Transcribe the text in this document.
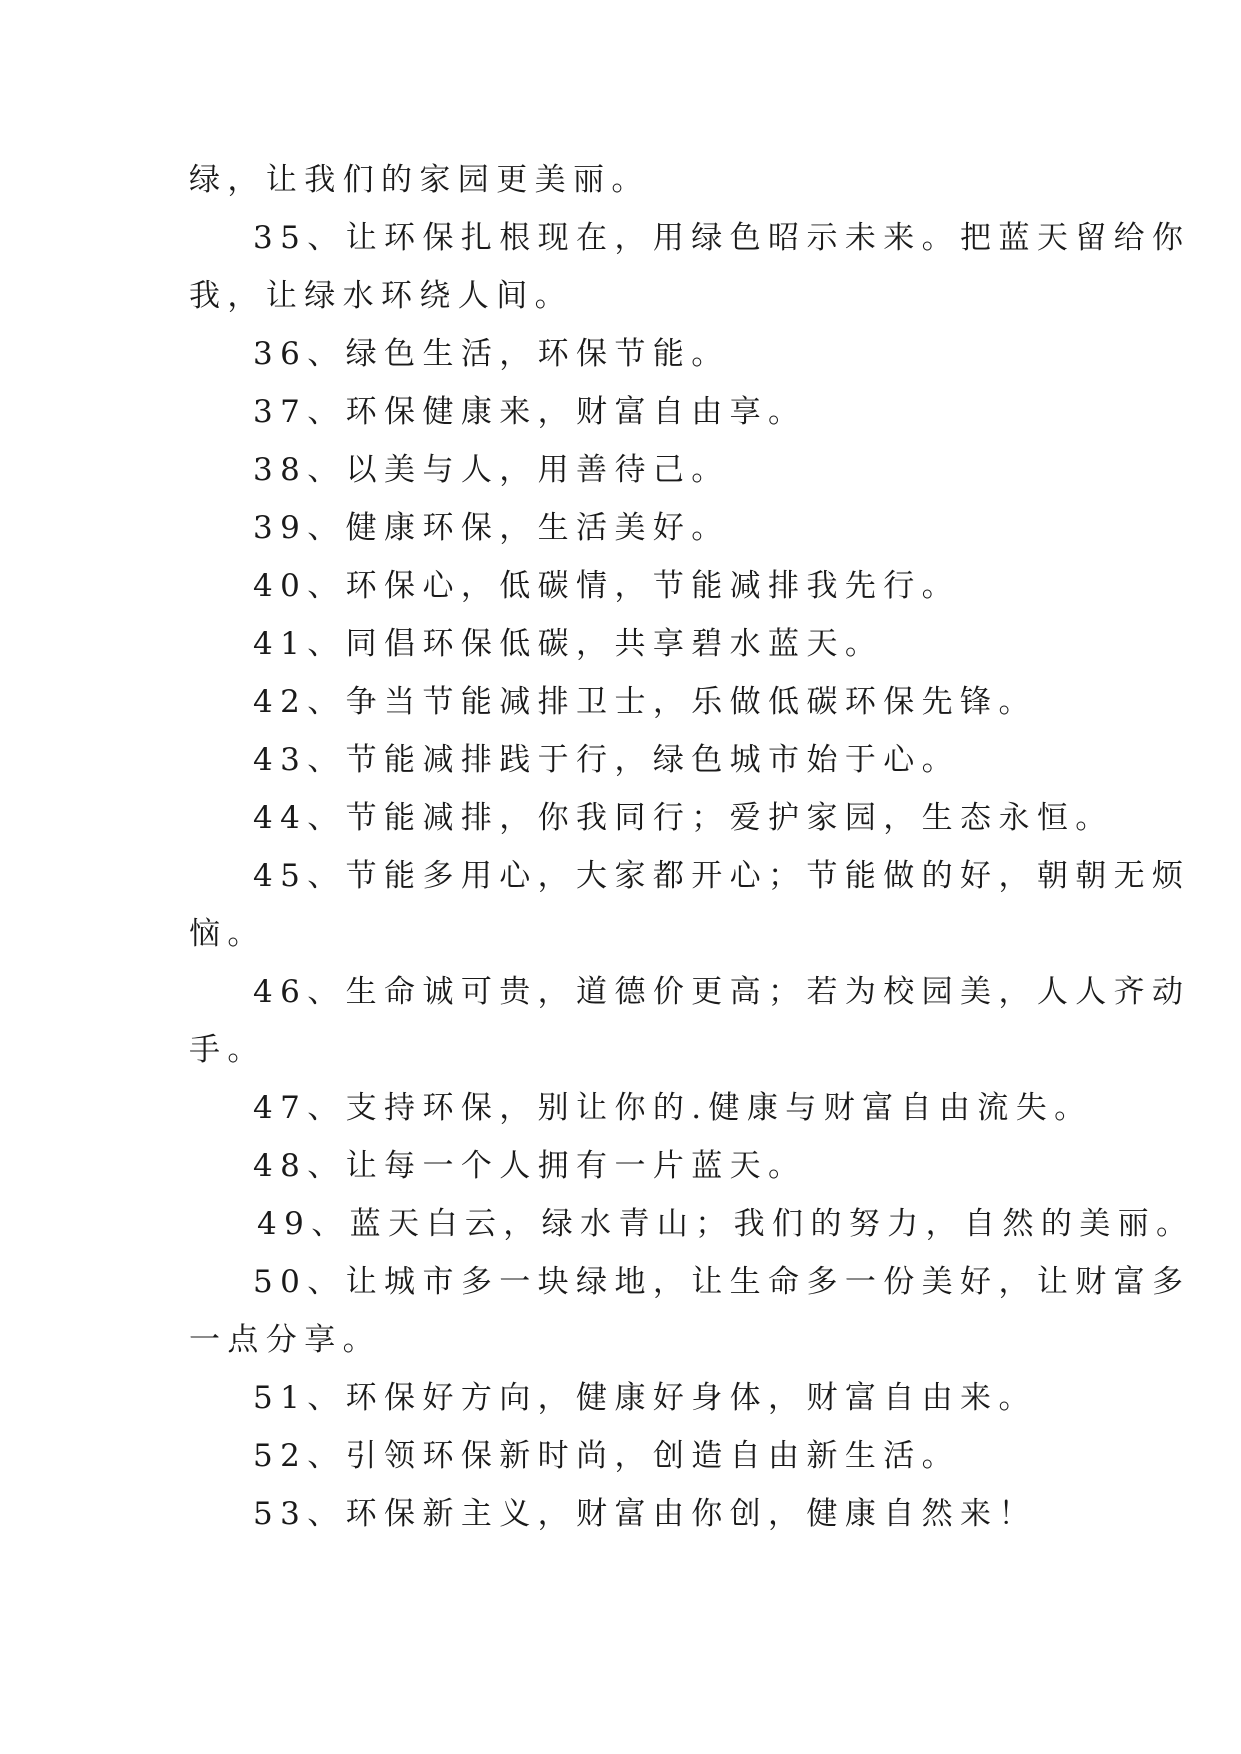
绿，让我们的家园更美丽。
35、让环保扎根现在，用绿色昭示未来。把蓝天留给你
我，让绿水环绕人间。
36、绿色生活，环保节能。
37、环保健康来，财富自由享。
38、以美与人，用善待己。
39、健康环保，生活美好。
40、环保心，低碳情，节能减排我先行。
41、同倡环保低碳，共享碧水蓝天。
42、争当节能减排卫士，乐做低碳环保先锋。
43、节能减排践于行，绿色城市始于心。
44、节能减排，你我同行；爱护家园，生态永恒。
45、节能多用心，大家都开心；节能做的好，朝朝无烦
恼。
46、生命诚可贵，道德价更高；若为校园美，人人齐动
手。
47、支持环保，别让你的.健康与财富自由流失。
48、让每一个人拥有一片蓝天。
49、蓝天白云，绿水青山；我们的努力，自然的美丽。
50、让城市多一块绿地，让生命多一份美好，让财富多
一点分享。
51、环保好方向，健康好身体，财富自由来。
52、引领环保新时尚，创造自由新生活。
53、环保新主义，财富由你创，健康自然来！
